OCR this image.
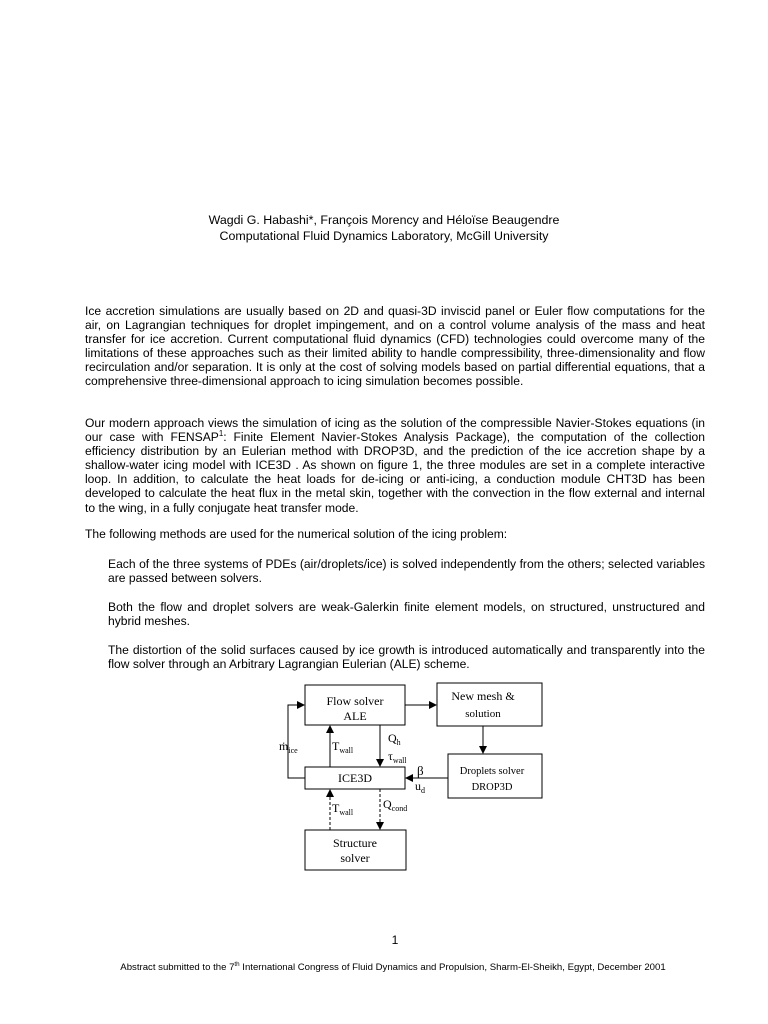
Wagdi G. Habashi*, François Morency and Héloïse Beaugendre
Computational Fluid Dynamics Laboratory, McGill University

Ice accretion simulations are usually based on 2D and quasi-3D inviscid panel or Euler flow computations for the air, on Lagrangian techniques for droplet impingement, and on a control volume analysis of the mass and heat transfer for ice accretion. Current computational fluid dynamics (CFD) technologies could overcome many of the limitations of these approaches such as their limited ability to handle compressibility, three-dimensionality and flow recirculation and/or separation. It is only at the cost of solving models based on partial differential equations, that a comprehensive three-dimensional approach to icing simulation becomes possible.

Our modern approach views the simulation of icing as the solution of the compressible Navier-Stokes equations (in our case with FENSAP$^1$: Finite Element Navier-Stokes Analysis Package), the computation of the collection efficiency distribution by an Eulerian method with DROP3D, and the prediction of the ice accretion shape by a shallow-water icing model with ICE3D . As shown on figure 1, the three modules are set in a complete interactive loop. In addition, to calculate the heat loads for de-icing or anti-icing, a conduction module CHT3D has been developed to calculate the heat flux in the metal skin, together with the convection in the flow external and internal to the wing, in a fully conjugate heat transfer mode.

The following methods are used for the numerical solution of the icing problem:

Each of the three systems of PDEs (air/droplets/ice) is solved independently from the others; selected variables are passed between solvers.

Both the flow and droplet solvers are weak-Galerkin finite element models, on structured, unstructured and hybrid meshes.

The distortion of the solid surfaces caused by ice growth is introduced automatically and transparently into the flow solver through an Arbitrary Lagrangian Eulerian (ALE) scheme.

Flow solver
ALE
New mesh &
solution
ICE3D	Droplets solver
DROP3D
Structure
solver
ṁ$_{ice}$	$T_{wall}$
$Q_h$
$\tau_{wall}$
β
$u_d$
$T_{wall}$
$Q_{cond}$
1
Abstract submitted to the 7th International Congress of Fluid Dynamics and Propulsion, Sharm-El-Sheikh, Egypt, December 2001
